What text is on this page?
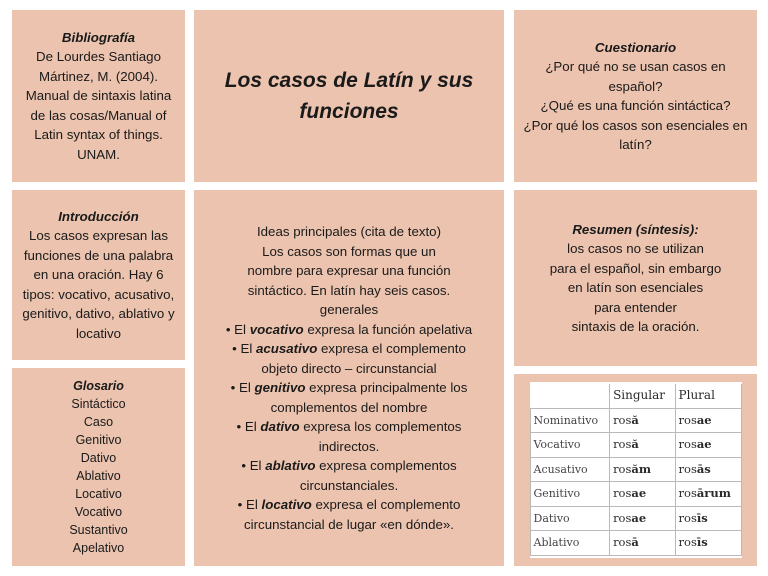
Bibliografía
De Lourdes Santiago
Mártinez, M. (2004).
Manual de sintaxis latina
de las cosas/Manual of
Latin syntax of things.
UNAM.
Los casos de Latín y sus
funciones
Cuestionario
¿Por qué no se usan casos en
español?
¿Qué es una función sintáctica?
¿Por qué los casos son esenciales en
latín?
Introducción
Los casos expresan las
funciones de una palabra
en una oración. Hay 6
tipos: vocativo, acusativo,
genitivo, dativo, ablativo y
locativo
Ideas principales (cita de texto)
Los casos son formas que un
nombre para expresar una función
sintáctico. En latín hay seis casos.
generales
• El vocativo expresa la función apelativa
• El acusativo expresa el complemento
objeto directo – circunstancial
• El genitivo expresa principalmente los
complementos del nombre
• El dativo expresa los complementos
indirectos.
• El ablativo expresa complementos
circunstanciales.
• El locativo expresa el complemento
circunstancial de lugar «en dónde».
Resumen (síntesis):
los casos no se utilizan
para el español, sin embargo
en latín son esenciales
para entender
sintaxis de la oración.
Glosario
Sintáctico
Caso
Genitivo
Dativo
Ablativo
Locativo
Vocativo
Sustantivo
Apelativo
	Singular	Plural
Nominativo	rosă	rosae
Vocativo	rosă	rosae
Acusativo	rosăm	rosās
Genitivo	rosae	rosārum
Dativo	rosae	rosīs
Ablativo	rosā	rosīs
